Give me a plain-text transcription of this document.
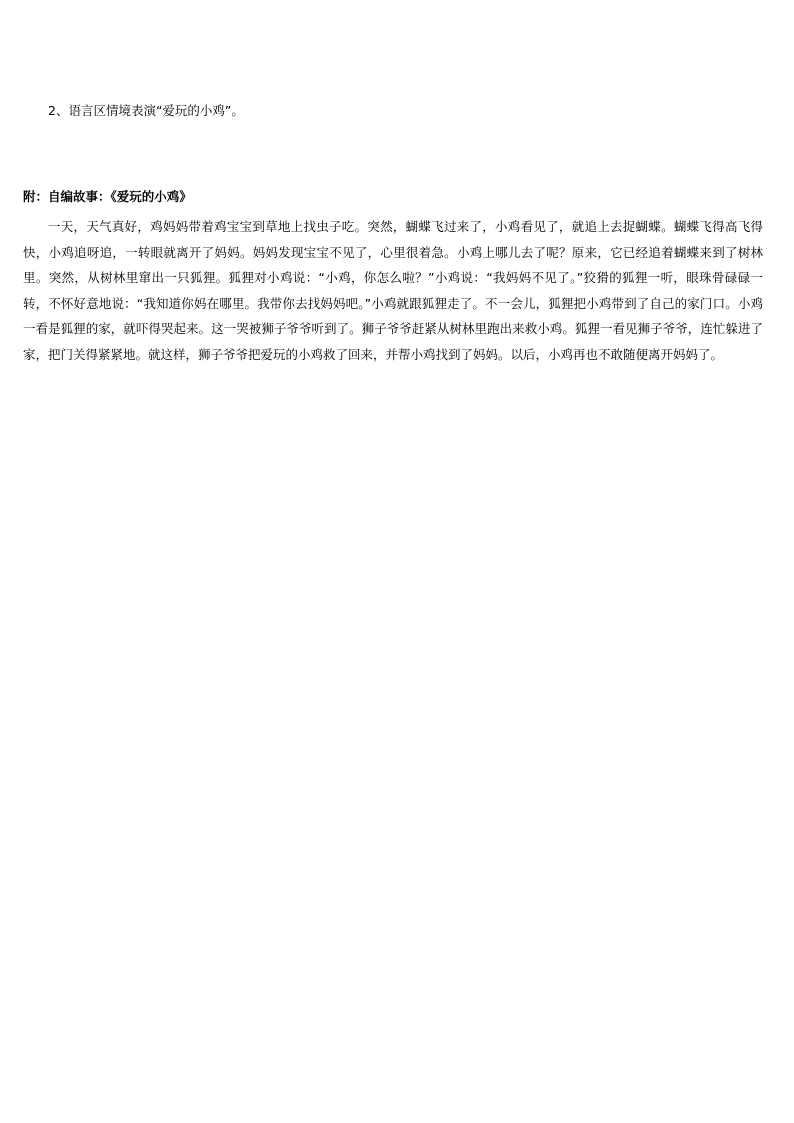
2、语言区情境表演“爱玩的小鸡”。
附：自编故事：《爱玩的小鸡》

一天，天气真好，鸡妈妈带着鸡宝宝到草地上找虫子吃。突然，蝴蝶飞过来了，小鸡看见了，就追上去捉蝴蝶。蝴蝶飞得高飞得快，小鸡追呀追，一转眼就离开了妈妈。妈妈发现宝宝不见了，心里很着急。小鸡上哪儿去了呢？原来，它已经追着蝴蝶来到了树林里。突然，从树林里窜出一只狐狸。狐狸对小鸡说：“小鸡，你怎么啦？”小鸡说：“我妈妈不见了。”狡猾的狐狸一听，眼珠骨碌碌一转，不怀好意地说：“我知道你妈在哪里。我带你去找妈妈吧。”小鸡就跟狐狸走了。不一会儿，狐狸把小鸡带到了自己的家门口。小鸡一看是狐狸的家，就吓得哭起来。这一哭被狮子爷爷听到了。狮子爷爷赶紧从树林里跑出来救小鸡。狐狸一看见狮子爷爷，连忙躲进了家，把门关得紧紧地。就这样，狮子爷爷把爱玩的小鸡救了回来，并帮小鸡找到了妈妈。以后，小鸡再也不敢随便离开妈妈了。
